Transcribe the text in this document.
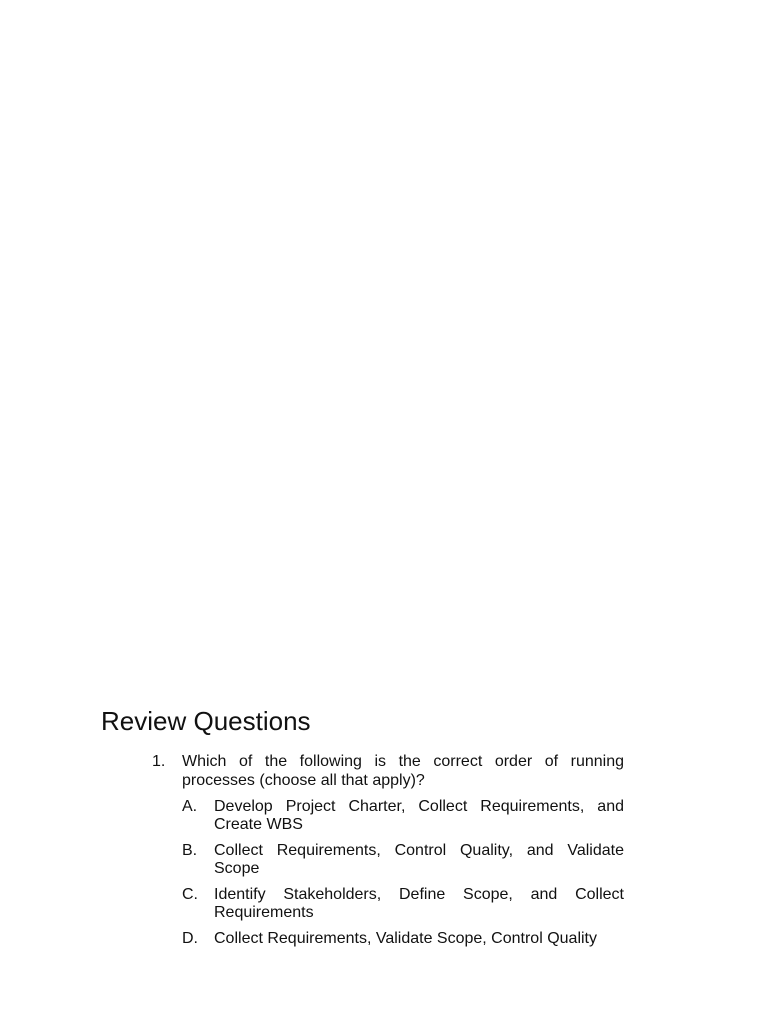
Review Questions
1. Which of the following is the correct order of running processes (choose all that apply)?
A. Develop Project Charter, Collect Requirements, and Create WBS
B. Collect Requirements, Control Quality, and Validate Scope
C. Identify Stakeholders, Define Scope, and Collect Requirements
D. Collect Requirements, Validate Scope, Control Quality
